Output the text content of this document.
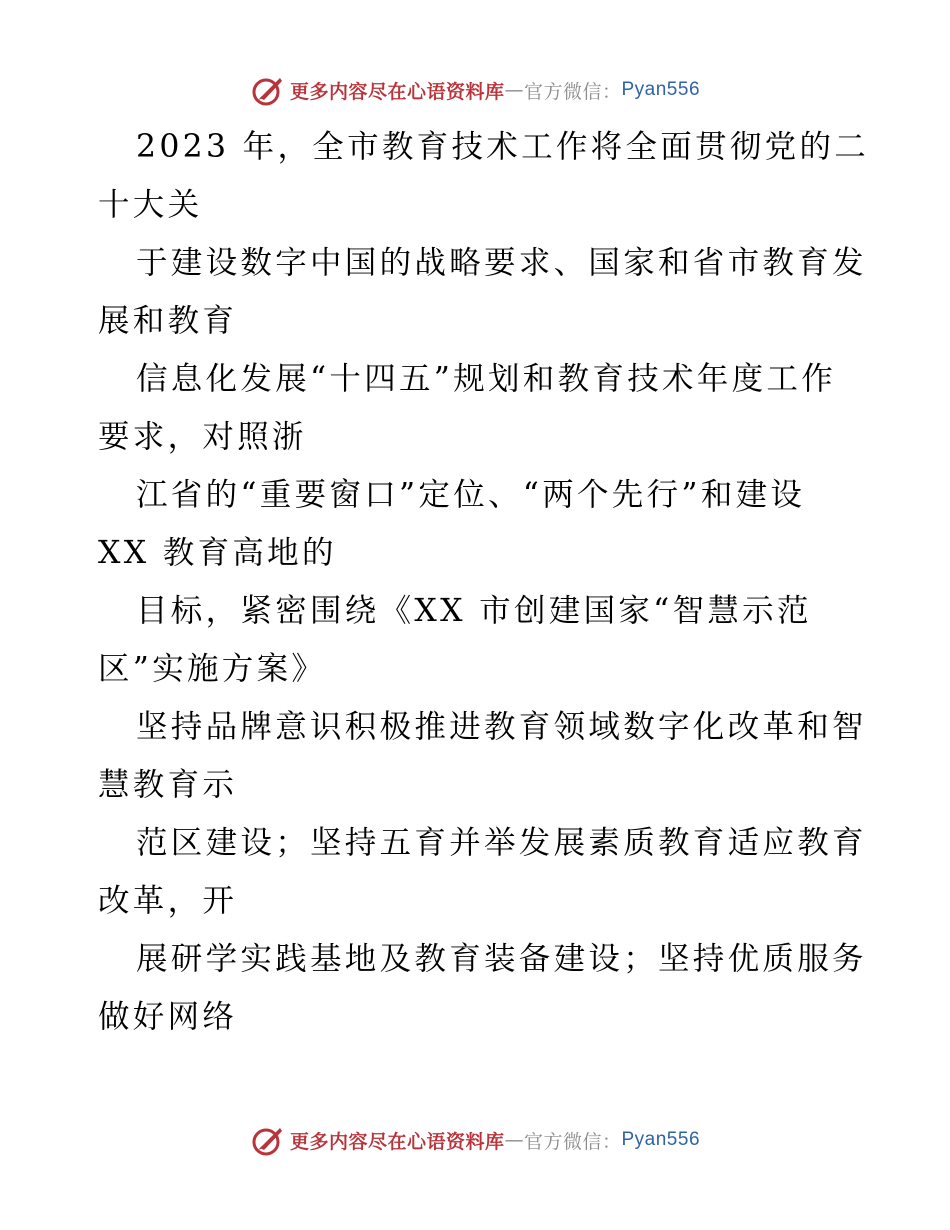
更多内容尽在心语资料库 — 官方微信： Pyan556
2023 年，全市教育技术工作将全面贯彻党的二
十大关
于建设数字中国的战略要求、国家和省市教育发
展和教育
信息化发展“十四五”规划和教育技术年度工作
要求，对照浙
江省的“重要窗口”定位、“两个先行”和建设
XX 教育高地的
目标，紧密围绕《XX 市创建国家“智慧示范
区”实施方案》
坚持品牌意识积极推进教育领域数字化改革和智
慧教育示
范区建设；坚持五育并举发展素质教育适应教育
改革，开
展研学实践基地及教育装备建设；坚持优质服务
做好网络
更多内容尽在心语资料库 — 官方微信： Pyan556
